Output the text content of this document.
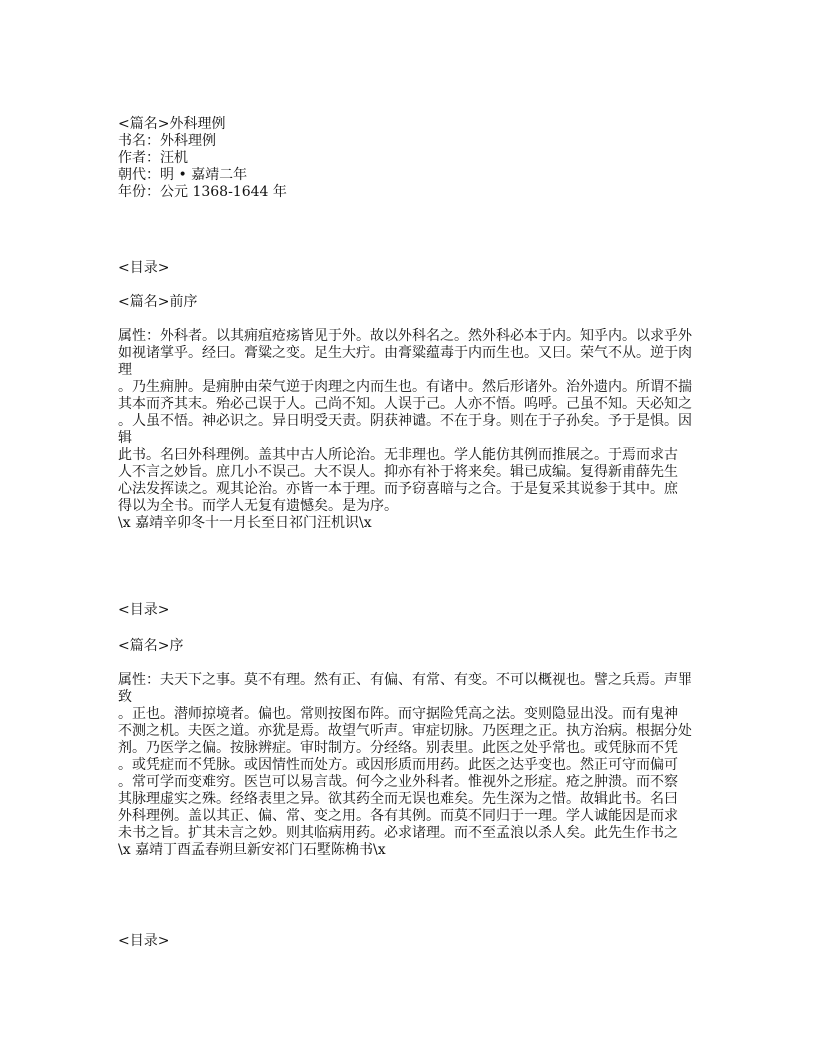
<篇名>外科理例
书名：外科理例
作者：汪机
朝代：明 • 嘉靖二年
年份：公元 1368-1644 年
<目录>
<篇名>前序
属性：外科者。以其痈疽疮疡皆见于外。故以外科名之。然外科必本于内。知乎内。以求乎外
如视诸掌乎。经曰。膏粱之变。足生大疔。由膏粱蕴毒于内而生也。又曰。荣气不从。逆于肉
理
。乃生痈肿。是痈肿由荣气逆于肉理之内而生也。有诸中。然后形诸外。治外遗内。所谓不揣
其本而齐其末。殆必己误于人。己尚不知。人误于己。人亦不悟。呜呼。己虽不知。天必知之
。人虽不悟。神必识之。异日明受天责。阴获神谴。不在于身。则在于子孙矣。予于是惧。因
辑
此书。名曰外科理例。盖其中古人所论治。无非理也。学人能仿其例而推展之。于焉而求古
人不言之妙旨。庶几小不误己。大不误人。抑亦有补于将来矣。辑已成编。复得新甫薛先生
心法发挥读之。观其论治。亦皆一本于理。而予窃喜暗与之合。于是复采其说参于其中。庶
得以为全书。而学人无复有遗憾矣。是为序。
\x 嘉靖辛卯冬十一月长至日祁门汪机识\x
<目录>
<篇名>序
属性：夫天下之事。莫不有理。然有正、有偏、有常、有变。不可以概视也。譬之兵焉。声罪
致
。正也。潜师掠境者。偏也。常则按图布阵。而守据险凭高之法。变则隐显出没。而有鬼神
不测之机。夫医之道。亦犹是焉。故望气听声。审症切脉。乃医理之正。执方治病。根据分处
剂。乃医学之偏。按脉辨症。审时制方。分经络。别表里。此医之处乎常也。或凭脉而不凭
。或凭症而不凭脉。或因情性而处方。或因形质而用药。此医之达乎变也。然正可守而偏可
。常可学而变难穷。医岂可以易言哉。何今之业外科者。惟视外之形症。疮之肿溃。而不察
其脉理虚实之殊。经络表里之异。欲其药全而无误也难矣。先生深为之惜。故辑此书。名曰
外科理例。盖以其正、偏、常、变之用。各有其例。而莫不同归于一理。学人诚能因是而求
未书之旨。扩其未言之妙。则其临病用药。必求诸理。而不至孟浪以杀人矣。此先生作书之
\x 嘉靖丁酉孟春朔旦新安祁门石墅陈桷书\x
<目录>
